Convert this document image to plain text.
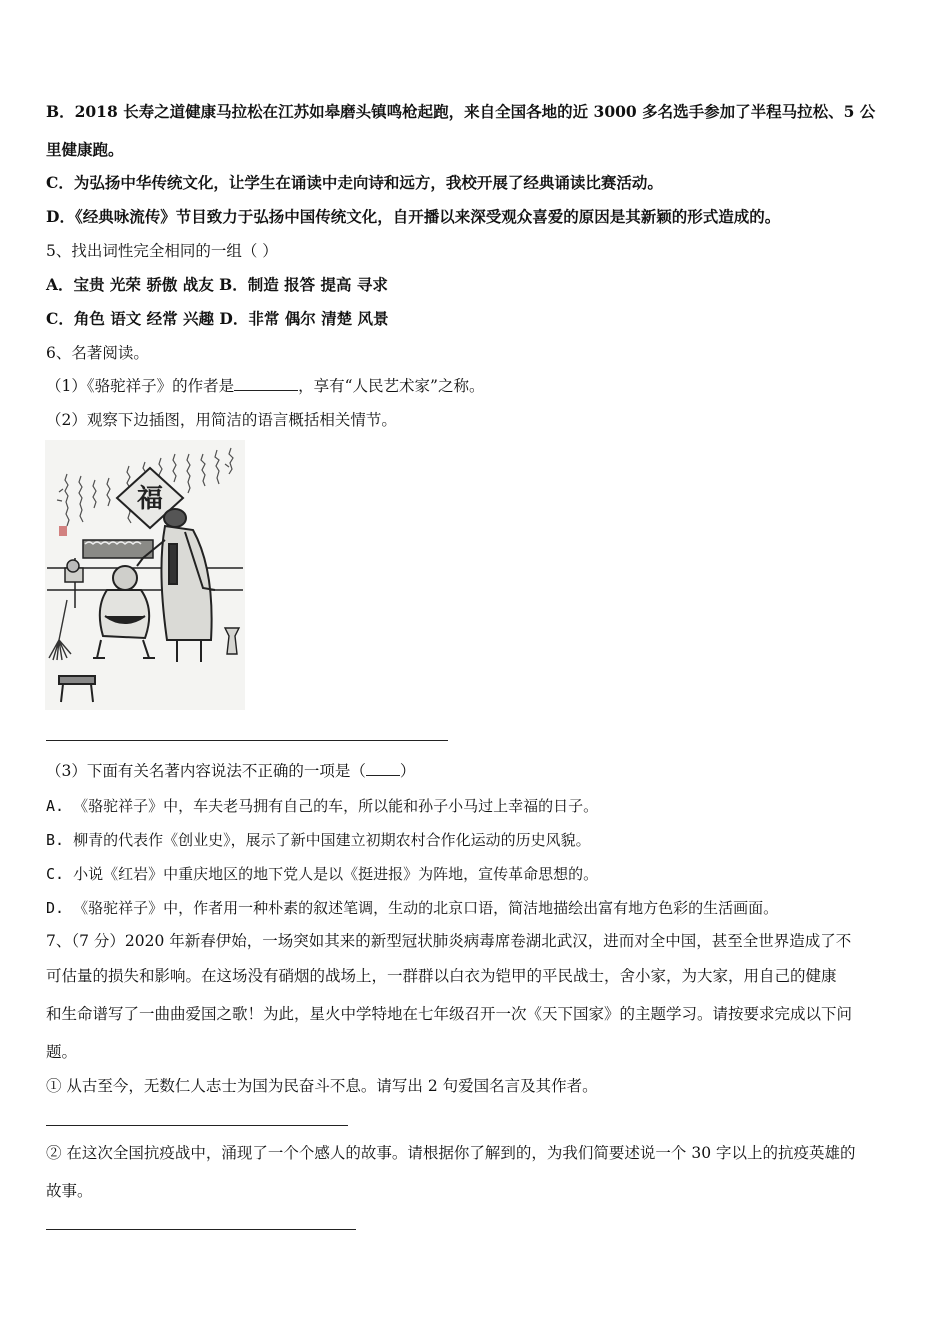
B．2018 长寿之道健康马拉松在江苏如皋磨头镇鸣枪起跑，来自全国各地的近 3000 多名选手参加了半程马拉松、5 公
里健康跑。
C．为弘扬中华传统文化，让学生在诵读中走向诗和远方，我校开展了经典诵读比赛活动。
D．《经典咏流传》节目致力于弘扬中国传统文化，自开播以来深受观众喜爱的原因是其新颖的形式造成的。
5、找出词性完全相同的一组（ ）
A．宝贵 光荣 骄傲 战友 B．制造 报答 提高 寻求
C．角色 语文 经常 兴趣 D．非常 偶尔 清楚 风景
6、名著阅读。
（1）《骆驼祥子》的作者是	，享有“人民艺术家”之称。
（2）观察下边插图，用简洁的语言概括相关情节。
福
（3）下面有关名著内容说法不正确的一项是（ ）
A. 《骆驼祥子》中，车夫老马拥有自己的车，所以能和孙子小马过上幸福的日子。
B. 柳青的代表作《创业史》，展示了新中国建立初期农村合作化运动的历史风貌。
C. 小说《红岩》中重庆地区的地下党人是以《挺进报》为阵地，宣传革命思想的。
D. 《骆驼祥子》中，作者用一种朴素的叙述笔调，生动的北京口语，简洁地描绘出富有地方色彩的生活画面。
7、（7 分）2020 年新春伊始，一场突如其来的新型冠状肺炎病毒席卷湖北武汉，进而对全中国，甚至全世界造成了不
可估量的损失和影响。在这场没有硝烟的战场上，一群群以白衣为铠甲的平民战士，舍小家，为大家，用自己的健康
和生命谱写了一曲曲爱国之歌！为此，星火中学特地在七年级召开一次《天下国家》的主题学习。请按要求完成以下问
题。
① 从古至今，无数仁人志士为国为民奋斗不息。请写出 2 句爱国名言及其作者。
② 在这次全国抗疫战中，涌现了一个个感人的故事。请根据你了解到的，为我们简要述说一个 30 字以上的抗疫英雄的
故事。
